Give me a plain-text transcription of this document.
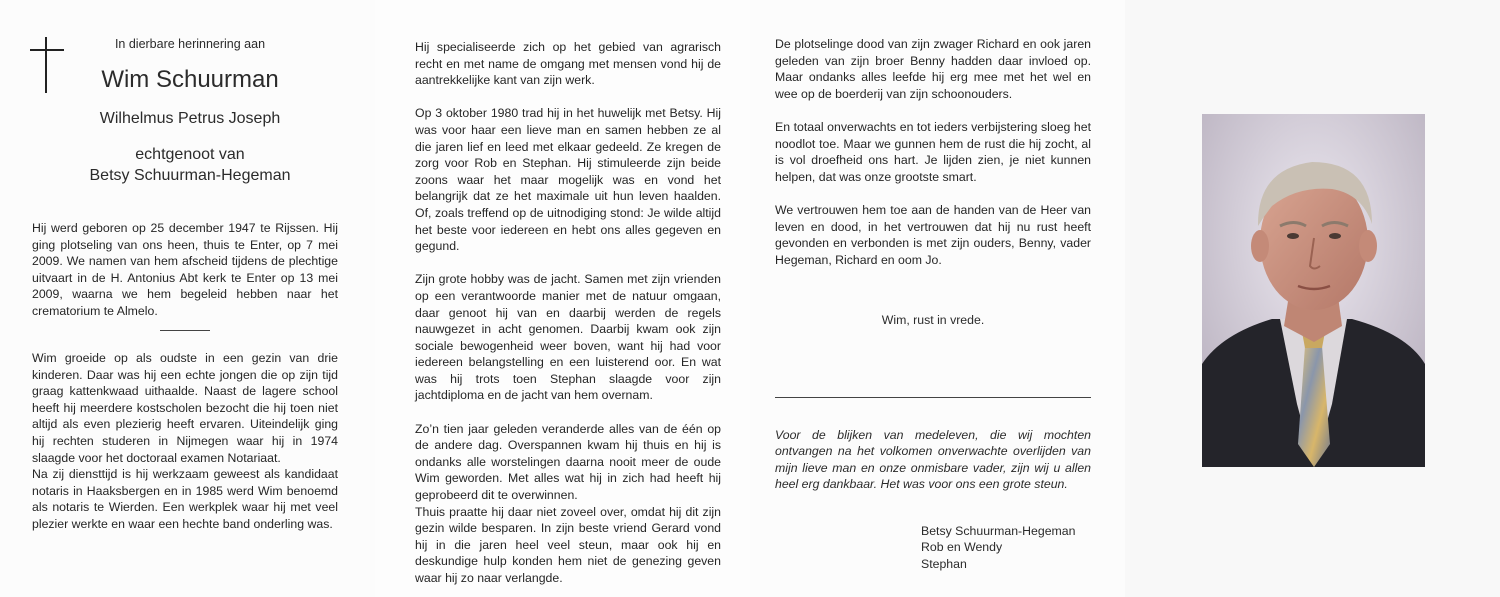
In dierbare herinnering aan
Wim Schuurman
Wilhelmus Petrus Joseph
echtgenoot van
Betsy Schuurman-Hegeman

Hij werd geboren op 25 december 1947 te Rijssen. Hij ging plotseling van ons heen, thuis te Enter, op 7 mei 2009. We namen van hem afscheid tijdens de plechtige uitvaart in de H. Antonius Abt kerk te Enter op 13 mei 2009, waarna we hem begeleid hebben naar het crematorium te Almelo.

Wim groeide op als oudste in een gezin van drie kinderen. Daar was hij een echte jongen die op zijn tijd graag kattenkwaad uithaalde. Naast de lagere school heeft hij meerdere kostscholen bezocht die hij toen niet altijd als even plezierig heeft ervaren. Uiteindelijk ging hij rechten studeren in Nijmegen waar hij in 1974 slaagde voor het doctoraal examen Notariaat.

Na zij diensttijd is hij werkzaam geweest als kandidaat notaris in Haaksbergen en in 1985 werd Wim benoemd als notaris te Wierden. Een werkplek waar hij met veel plezier werkte en waar een hechte band onderling was.

Hij specialiseerde zich op het gebied van agrarisch recht en met name de omgang met mensen vond hij de aantrekkelijke kant van zijn werk.

Op 3 oktober 1980 trad hij in het huwelijk met Betsy. Hij was voor haar een lieve man en samen hebben ze al die jaren lief en leed met elkaar gedeeld. Ze kregen de zorg voor Rob en Stephan. Hij stimuleerde zijn beide zoons waar het maar mogelijk was en vond het belangrijk dat ze het maximale uit hun leven haalden. Of, zoals treffend op de uitnodiging stond: Je wilde altijd het beste voor iedereen en hebt ons alles gegeven en gegund.

Zijn grote hobby was de jacht. Samen met zijn vrienden op een verantwoorde manier met de natuur omgaan, daar genoot hij van en daarbij werden de regels nauwgezet in acht genomen. Daarbij kwam ook zijn sociale bewogenheid weer boven, want hij had voor iedereen belangstelling en een luisterend oor. En wat was hij trots toen Stephan slaagde voor zijn jachtdiploma en de jacht van hem overnam.

Zo’n tien jaar geleden veranderde alles van de één op de andere dag. Overspannen kwam hij thuis en hij is ondanks alle worstelingen daarna nooit meer de oude Wim geworden. Met alles wat hij in zich had heeft hij geprobeerd dit te overwinnen.

Thuis praatte hij daar niet zoveel over, omdat hij dit zijn gezin wilde besparen. In zijn beste vriend Gerard vond hij in die jaren heel veel steun, maar ook hij en deskundige hulp konden hem niet de genezing geven waar hij zo naar verlangde.

De plotselinge dood van zijn zwager Richard en ook jaren geleden van zijn broer Benny hadden daar invloed op. Maar ondanks alles leefde hij erg mee met het wel en wee op de boerderij van zijn schoonouders.

En totaal onverwachts en tot ieders verbijstering sloeg het noodlot toe. Maar we gunnen hem de rust die hij zocht, al is vol droefheid ons hart. Je lijden zien, je niet kunnen helpen, dat was onze grootste smart.

We vertrouwen hem toe aan de handen van de Heer van leven en dood, in het vertrouwen dat hij nu rust heeft gevonden en verbonden is met zijn ouders, Benny, vader Hegeman, Richard en oom Jo.

Wim, rust in vrede.

Voor de blijken van medeleven, die wij mochten ontvangen na het volkomen onverwachte overlijden van mijn lieve man en onze onmisbare vader, zijn wij u allen heel erg dankbaar. Het was voor ons een grote steun.

Betsy Schuurman-Hegeman
Rob en Wendy
Stephan
